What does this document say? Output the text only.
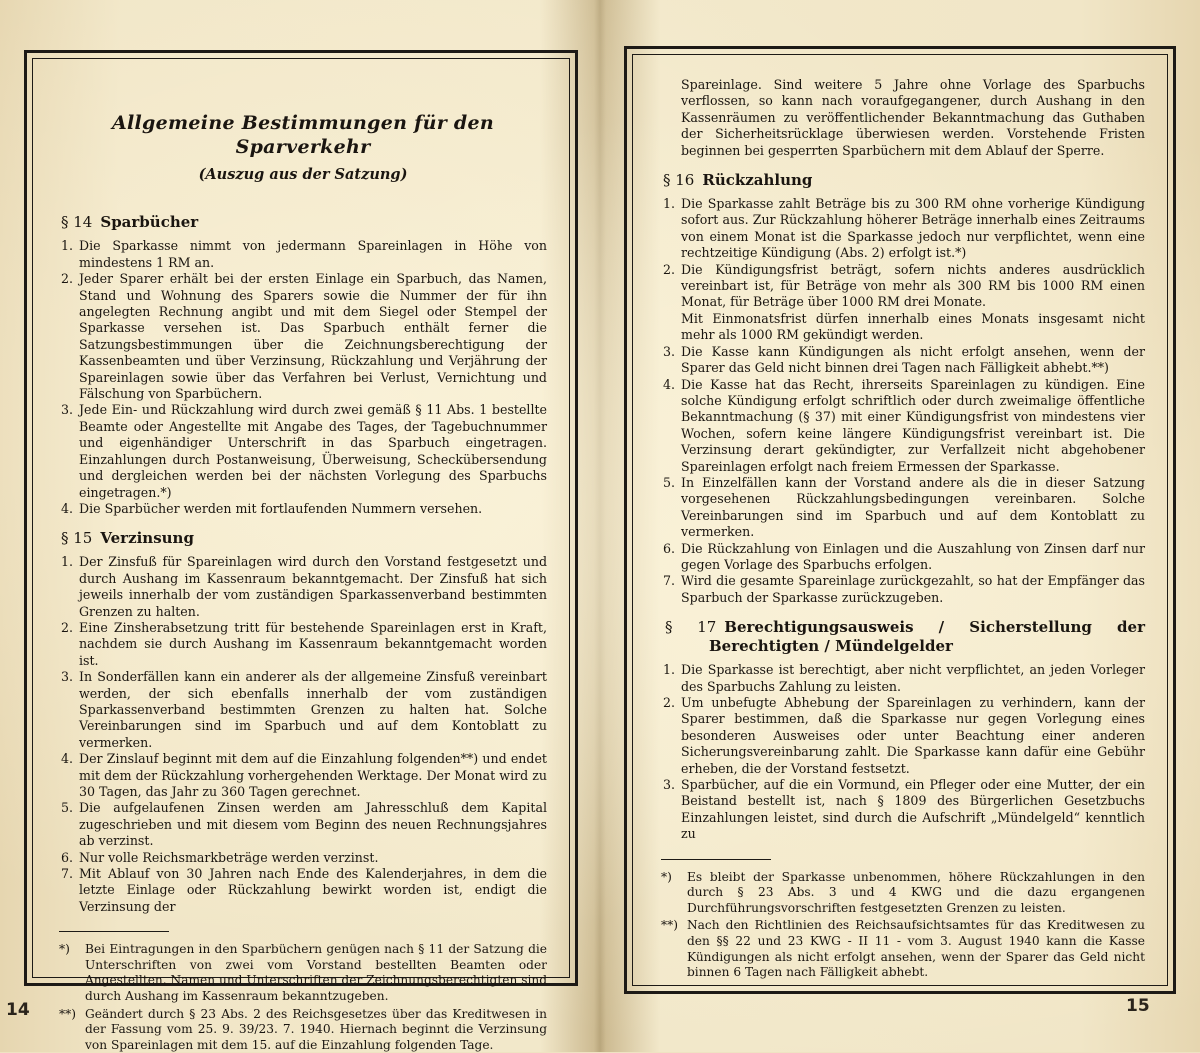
Allgemeine Bestimmungen für den Sparverkehr
(Auszug aus der Satzung)
§ 14 Sparbücher
1. Die Sparkasse nimmt von jedermann Spareinlagen in Höhe von mindestens 1 RM an.
2. Jeder Sparer erhält bei der ersten Einlage ein Sparbuch, das Namen, Stand und Wohnung des Sparers sowie die Nummer der für ihn angelegten Rechnung angibt und mit dem Siegel oder Stempel der Sparkasse versehen ist. Das Sparbuch enthält ferner die Satzungsbestimmungen über die Zeichnungsberechtigung der Kassenbeamten und über Verzinsung, Rückzahlung und Verjährung der Spareinlagen sowie über das Verfahren bei Verlust, Vernichtung und Fälschung von Sparbüchern.
3. Jede Ein- und Rückzahlung wird durch zwei gemäß § 11 Abs. 1 bestellte Beamte oder Angestellte mit Angabe des Tages, der Tagebuchnummer und eigenhändiger Unterschrift in das Sparbuch eingetragen. Einzahlungen durch Postanweisung, Überweisung, Scheckübersendung und dergleichen werden bei der nächsten Vorlegung des Sparbuchs eingetragen.*)
4. Die Sparbücher werden mit fortlaufenden Nummern versehen.
§ 15 Verzinsung
1. Der Zinsfuß für Spareinlagen wird durch den Vorstand festgesetzt und durch Aushang im Kassenraum bekanntgemacht. Der Zinsfuß hat sich jeweils innerhalb der vom zuständigen Sparkassenverband bestimmten Grenzen zu halten.
2. Eine Zinsherabsetzung tritt für bestehende Spareinlagen erst in Kraft, nachdem sie durch Aushang im Kassenraum bekanntgemacht worden ist.
3. In Sonderfällen kann ein anderer als der allgemeine Zinsfuß vereinbart werden, der sich ebenfalls innerhalb der vom zuständigen Sparkassenverband bestimmten Grenzen zu halten hat. Solche Vereinbarungen sind im Sparbuch und auf dem Kontoblatt zu vermerken.
4. Der Zinslauf beginnt mit dem auf die Einzahlung folgenden**) und endet mit dem der Rückzahlung vorhergehenden Werktage. Der Monat wird zu 30 Tagen, das Jahr zu 360 Tagen gerechnet.
5. Die aufgelaufenen Zinsen werden am Jahresschluß dem Kapital zugeschrieben und mit diesem vom Beginn des neuen Rechnungsjahres ab verzinst.
6. Nur volle Reichsmarkbeträge werden verzinst.
7. Mit Ablauf von 30 Jahren nach Ende des Kalenderjahres, in dem die letzte Einlage oder Rückzahlung bewirkt worden ist, endigt die Verzinsung der
*) Bei Eintragungen in den Sparbüchern genügen nach § 11 der Satzung die Unterschriften von zwei vom Vorstand bestellten Beamten oder Angestellten. Namen und Unterschriften der Zeichnungsberechtigten sind durch Aushang im Kassenraum bekanntzugeben.
**) Geändert durch § 23 Abs. 2 des Reichsgesetzes über das Kreditwesen in der Fassung vom 25. 9. 39/23. 7. 1940. Hiernach beginnt die Verzinsung von Spareinlagen mit dem 15. auf die Einzahlung folgenden Tage.
14
Spareinlage. Sind weitere 5 Jahre ohne Vorlage des Sparbuchs verflossen, so kann nach voraufgegangener, durch Aushang in den Kassenräumen zu veröffentlichender Bekanntmachung das Guthaben der Sicherheitsrücklage überwiesen werden. Vorstehende Fristen beginnen bei gesperrten Sparbüchern mit dem Ablauf der Sperre.
§ 16 Rückzahlung
1. Die Sparkasse zahlt Beträge bis zu 300 RM ohne vorherige Kündigung sofort aus. Zur Rückzahlung höherer Beträge innerhalb eines Zeitraums von einem Monat ist die Sparkasse jedoch nur verpflichtet, wenn eine rechtzeitige Kündigung (Abs. 2) erfolgt ist.*)
2. Die Kündigungsfrist beträgt, sofern nichts anderes ausdrücklich vereinbart ist, für Beträge von mehr als 300 RM bis 1000 RM einen Monat, für Beträge über 1000 RM drei Monate.
Mit Einmonatsfrist dürfen innerhalb eines Monats insgesamt nicht mehr als 1000 RM gekündigt werden.
3. Die Kasse kann Kündigungen als nicht erfolgt ansehen, wenn der Sparer das Geld nicht binnen drei Tagen nach Fälligkeit abhebt.**)
4. Die Kasse hat das Recht, ihrerseits Spareinlagen zu kündigen. Eine solche Kündigung erfolgt schriftlich oder durch zweimalige öffentliche Bekanntmachung (§ 37) mit einer Kündigungsfrist von mindestens vier Wochen, sofern keine längere Kündigungsfrist vereinbart ist. Die Verzinsung derart gekündigter, zur Verfallzeit nicht abgehobener Spareinlagen erfolgt nach freiem Ermessen der Sparkasse.
5. In Einzelfällen kann der Vorstand andere als die in dieser Satzung vorgesehenen Rückzahlungsbedingungen vereinbaren. Solche Vereinbarungen sind im Sparbuch und auf dem Kontoblatt zu vermerken.
6. Die Rückzahlung von Einlagen und die Auszahlung von Zinsen darf nur gegen Vorlage des Sparbuchs erfolgen.
7. Wird die gesamte Spareinlage zurückgezahlt, so hat der Empfänger das Sparbuch der Sparkasse zurückzugeben.
§ 17 Berechtigungsausweis / Sicherstellung der Berechtigten / Mündelgelder
1. Die Sparkasse ist berechtigt, aber nicht verpflichtet, an jeden Vorleger des Sparbuchs Zahlung zu leisten.
2. Um unbefugte Abhebung der Spareinlagen zu verhindern, kann der Sparer bestimmen, daß die Sparkasse nur gegen Vorlegung eines besonderen Ausweises oder unter Beachtung einer anderen Sicherungsvereinbarung zahlt. Die Sparkasse kann dafür eine Gebühr erheben, die der Vorstand festsetzt.
3. Sparbücher, auf die ein Vormund, ein Pfleger oder eine Mutter, der ein Beistand bestellt ist, nach § 1809 des Bürgerlichen Gesetzbuchs Einzahlungen leistet, sind durch die Aufschrift „Mündelgeld“ kenntlich zu
*) Es bleibt der Sparkasse unbenommen, höhere Rückzahlungen in den durch § 23 Abs. 3 und 4 KWG und die dazu ergangenen Durchführungsvorschriften festgesetzten Grenzen zu leisten.
**) Nach den Richtlinien des Reichsaufsichtsamtes für das Kreditwesen zu den §§ 22 und 23 KWG - II 11 - vom 3. August 1940 kann die Kasse Kündigungen als nicht erfolgt ansehen, wenn der Sparer das Geld nicht binnen 6 Tagen nach Fälligkeit abhebt.
15
